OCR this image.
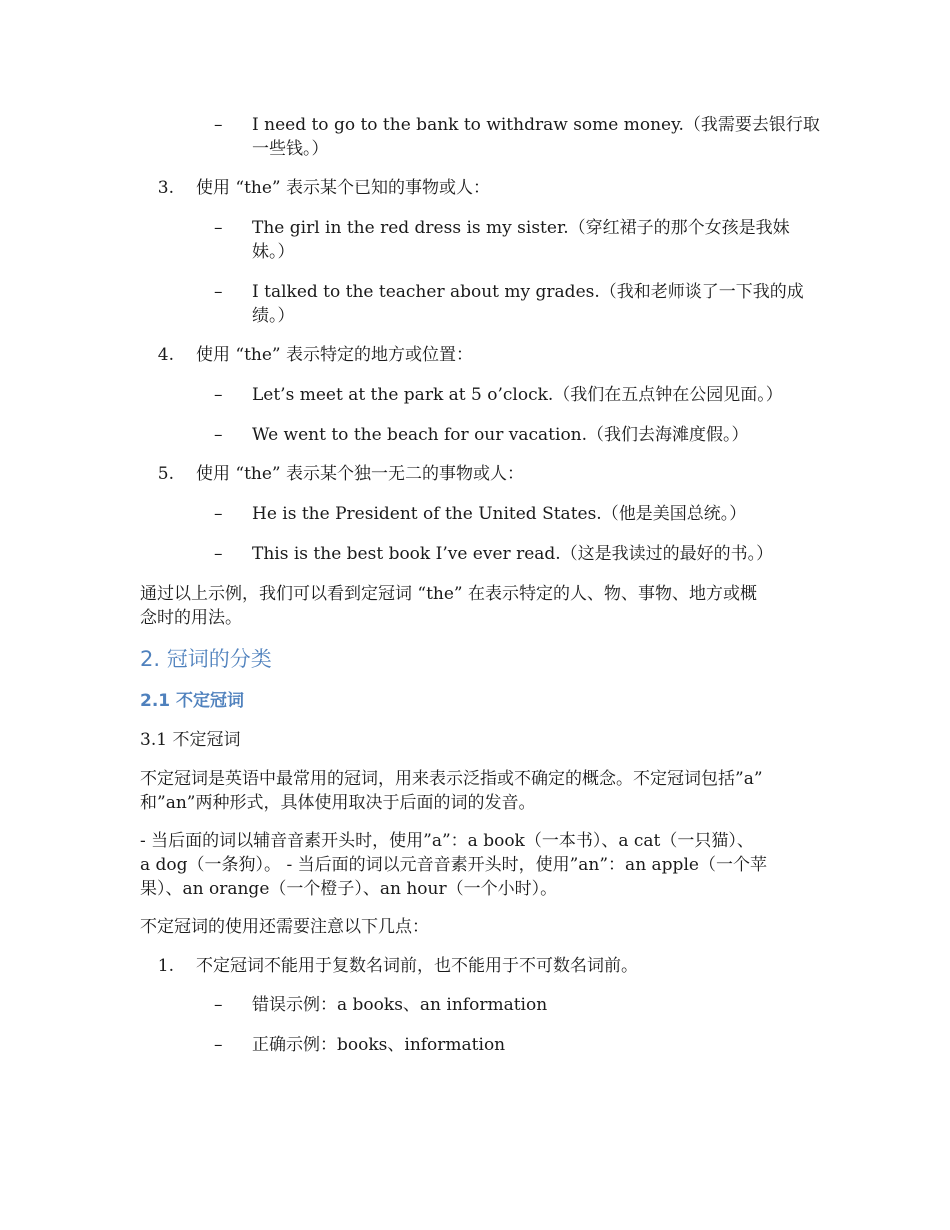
– I need to go to the bank to withdraw some money.（我需要去银行取
一些钱。）
3. 使用 “the” 表示某个已知的事物或人：
– The girl in the red dress is my sister.（穿红裙子的那个女孩是我妹
妹。）
– I talked to the teacher about my grades.（我和老师谈了一下我的成
绩。）
4. 使用 “the” 表示特定的地方或位置：
– Let’s meet at the park at 5 o’clock.（我们在五点钟在公园见面。）
– We went to the beach for our vacation.（我们去海滩度假。）
5. 使用 “the” 表示某个独一无二的事物或人：
– He is the President of the United States.（他是美国总统。）
– This is the best book I’ve ever read.（这是我读过的最好的书。）
通过以上示例，我们可以看到定冠词 “the” 在表示特定的人、物、事物、地方或概
念时的用法。
2. 冠词的分类
2.1 不定冠词
3.1 不定冠词
不定冠词是英语中最常用的冠词，用来表示泛指或不确定的概念。不定冠词包括”a”
和”an”两种形式，具体使用取决于后面的词的发音。
- 当后面的词以辅音音素开头时，使用”a”：a book（一本书）、a cat（一只猫）、
a dog（一条狗）。 - 当后面的词以元音音素开头时，使用”an”：an apple（一个苹
果）、an orange（一个橙子）、an hour（一个小时）。
不定冠词的使用还需要注意以下几点：
1. 不定冠词不能用于复数名词前，也不能用于不可数名词前。
– 错误示例：a books、an information
– 正确示例：books、information
